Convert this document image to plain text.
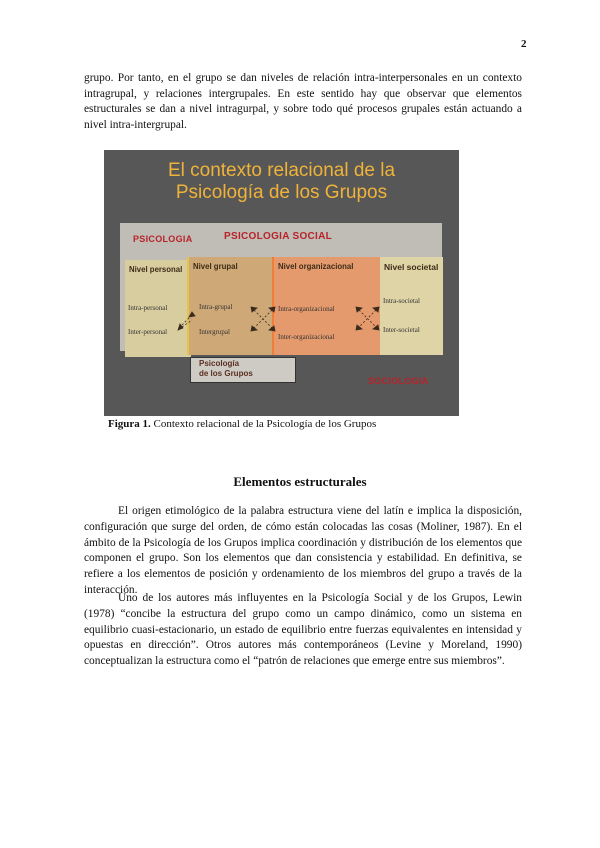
2

grupo. Por tanto, en el grupo se dan niveles de relación intra-interpersonales en un contexto intragrupal, y relaciones intergrupales. En este sentido hay que observar que elementos estructurales se dan a nivel intragurpal, y sobre todo qué procesos grupales están actuando a nivel intra-intergrupal.

El contexto relacional de la
Psicología de los Grupos
PSICOLOGIA	PSICOLOGIA SOCIAL
Nivel personal
Intra-personal
Inter-personal
Nivel grupal
Intra-grupal
Intergrupal
Nivel organizacional
Intra-organizacional
Inter-organizacional
Nivel societal
Intra-societal
Inter-societal
Psicología
de los Grupos
SOCIOLOGIA
Figura 1. Contexto relacional de la Psicología de los Grupos
Elementos estructurales

El origen etimológico de la palabra estructura viene del latín e implica la disposición, configuración que surge del orden, de cómo están colocadas las cosas (Moliner, 1987). En el ámbito de la Psicología de los Grupos implica coordinación y distribución de los elementos que componen el grupo. Son los elementos que dan consistencia y estabilidad. En definitiva, se refiere a los elementos de posición y ordenamiento de los miembros del grupo a través de la interacción.

Uno de los autores más influyentes en la Psicología Social y de los Grupos, Lewin (1978) “concibe la estructura del grupo como un campo dinámico, como un sistema en equilibrio cuasi-estacionario, un estado de equilibrio entre fuerzas equivalentes en intensidad y opuestas en dirección”. Otros autores más contemporáneos (Levine y Moreland, 1990) conceptualizan la estructura como el “patrón de relaciones que emerge entre sus miembros”.
